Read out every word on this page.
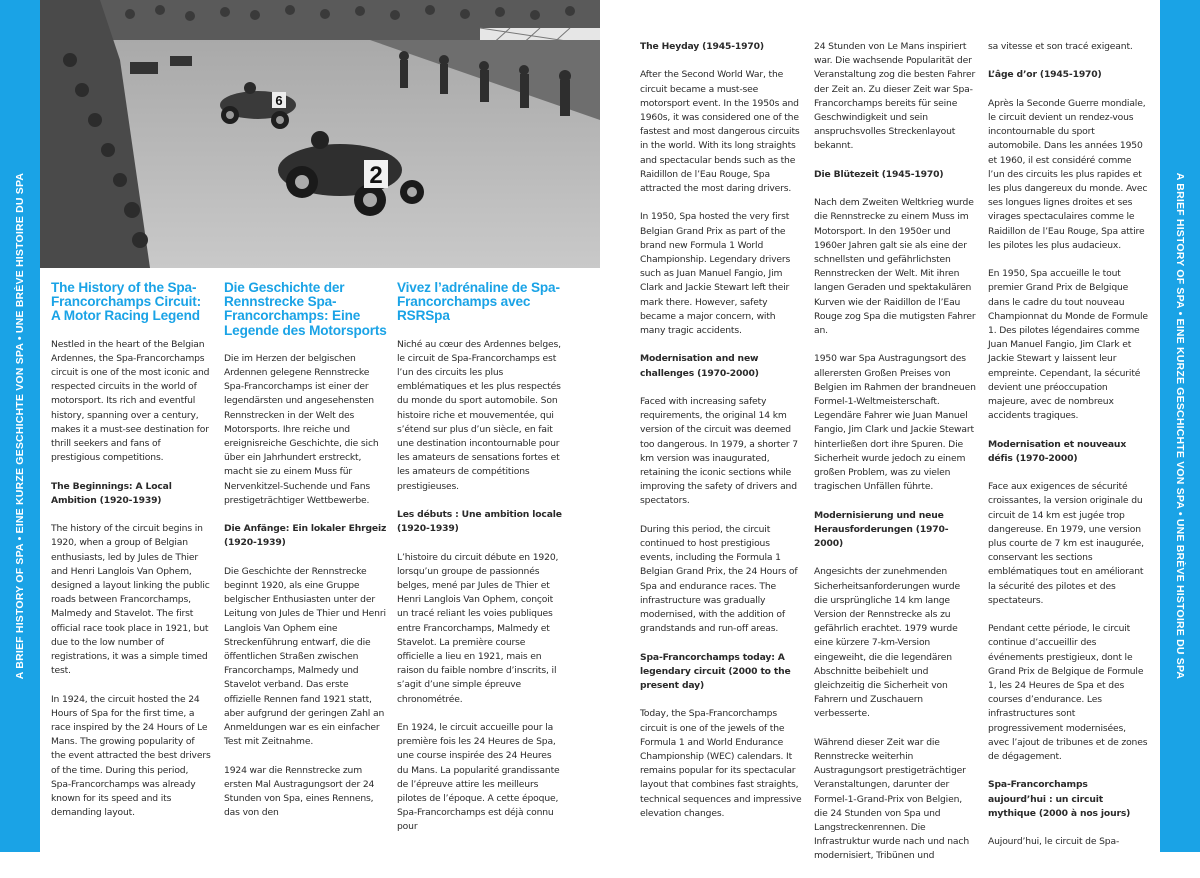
A BRIEF HISTORY OF SPA • EINE KURZE GESCHICHTE VON SPA • UNE BRÈVE HISTOIRE DU SPA	A BRIEF HISTORY OF SPA • EINE KURZE GESCHICHTE VON SPA • UNE BRÈVE HISTOIRE DU SPA
6
2
The History of the Spa-Francorchamps Circuit: A Motor Racing Legend

Nestled in the heart of the Belgian Ardennes, the Spa-Francorchamps circuit is one of the most iconic and respected circuits in the world of motorsport. Its rich and eventful history, spanning over a century, makes it a must-see destination for thrill seekers and fans of prestigious competitions.

The Beginnings: A Local Ambition (1920-1939)

The history of the circuit begins in 1920, when a group of Belgian enthusiasts, led by Jules de Thier and Henri Langlois Van Ophem, designed a layout linking the public roads between Francorchamps, Malmedy and Stavelot. The first official race took place in 1921, but due to the low number of registrations, it was a simple timed test.

In 1924, the circuit hosted the 24 Hours of Spa for the first time, a race inspired by the 24 Hours of Le Mans. The growing popularity of the event attracted the best drivers of the time. During this period, Spa-Francorchamps was already known for its speed and its demanding layout.

Die Geschichte der Rennstrecke Spa-Francorchamps: Eine Legende des Motorsports

Die im Herzen der belgischen Ardennen gelegene Rennstrecke Spa-Francorchamps ist einer der legendärsten und angesehensten Rennstrecken in der Welt des Motorsports. Ihre reiche und ereignisreiche Geschichte, die sich über ein Jahrhundert erstreckt, macht sie zu einem Muss für Nervenkitzel-Suchende und Fans prestigeträchtiger Wettbewerbe.

Die Anfänge: Ein lokaler Ehrgeiz (1920-1939)

Die Geschichte der Rennstrecke beginnt 1920, als eine Gruppe belgischer Enthusiasten unter der Leitung von Jules de Thier und Henri Langlois Van Ophem eine Streckenführung entwarf, die die öffentlichen Straßen zwischen Francorchamps, Malmedy und Stavelot verband. Das erste offizielle Rennen fand 1921 statt, aber aufgrund der geringen Zahl an Anmeldungen war es ein einfacher Test mit Zeitnahme.

1924 war die Rennstrecke zum ersten Mal Austragungsort der 24 Stunden von Spa, eines Rennens, das von den

Vivez l’adrénaline de Spa-Francorchamps avec RSRSpa

Niché au cœur des Ardennes belges, le circuit de Spa-Francorchamps est l’un des circuits les plus emblématiques et les plus respectés du monde du sport automobile. Son histoire riche et mouvementée, qui s’étend sur plus d’un siècle, en fait une destination incontournable pour les amateurs de sensations fortes et les amateurs de compétitions prestigieuses.

Les débuts : Une ambition locale (1920-1939)

L’histoire du circuit débute en 1920, lorsqu’un groupe de passionnés belges, mené par Jules de Thier et Henri Langlois Van Ophem, conçoit un tracé reliant les voies publiques entre Francorchamps, Malmedy et Stavelot. La première course officielle a lieu en 1921, mais en raison du faible nombre d’inscrits, il s’agit d’une simple épreuve chronométrée.

En 1924, le circuit accueille pour la première fois les 24 Heures de Spa, une course inspirée des 24 Heures du Mans. La popularité grandissante de l’épreuve attire les meilleurs pilotes de l’époque. A cette époque, Spa-Francorchamps est déjà connu pour

The Heyday (1945-1970)

After the Second World War, the circuit became a must-see motorsport event. In the 1950s and 1960s, it was considered one of the fastest and most dangerous circuits in the world. With its long straights and spectacular bends such as the Raidillon de l’Eau Rouge, Spa attracted the most daring drivers.

In 1950, Spa hosted the very first Belgian Grand Prix as part of the brand new Formula 1 World Championship. Legendary drivers such as Juan Manuel Fangio, Jim Clark and Jackie Stewart left their mark there. However, safety became a major concern, with many tragic accidents.

Modernisation and new challenges (1970-2000)

Faced with increasing safety requirements, the original 14 km version of the circuit was deemed too dangerous. In 1979, a shorter 7 km version was inaugurated, retaining the iconic sections while improving the safety of drivers and spectators.

During this period, the circuit continued to host prestigious events, including the Formula 1 Belgian Grand Prix, the 24 Hours of Spa and endurance races. The infrastructure was gradually modernised, with the addition of grandstands and run-off areas.

Spa-Francorchamps today: A legendary circuit (2000 to the present day)

Today, the Spa-Francorchamps circuit is one of the jewels of the Formula 1 and World Endurance Championship (WEC) calendars. It remains popular for its spectacular layout that combines fast straights, technical sequences and impressive elevation changes.

24 Stunden von Le Mans inspiriert war. Die wachsende Popularität der Veranstaltung zog die besten Fahrer der Zeit an. Zu dieser Zeit war Spa-Francorchamps bereits für seine Geschwindigkeit und sein anspruchsvolles Streckenlayout bekannt.

Die Blütezeit (1945-1970)

Nach dem Zweiten Weltkrieg wurde die Rennstrecke zu einem Muss im Motorsport. In den 1950er und 1960er Jahren galt sie als eine der schnellsten und gefährlichsten Rennstrecken der Welt. Mit ihren langen Geraden und spektakulären Kurven wie der Raidillon de l’Eau Rouge zog Spa die mutigsten Fahrer an.

1950 war Spa Austragungsort des allerersten Großen Preises von Belgien im Rahmen der brandneuen Formel-1-Weltmeisterschaft. Legendäre Fahrer wie Juan Manuel Fangio, Jim Clark und Jackie Stewart hinterließen dort ihre Spuren. Die Sicherheit wurde jedoch zu einem großen Problem, was zu vielen tragischen Unfällen führte.

Modernisierung und neue Herausforderungen (1970-2000)

Angesichts der zunehmenden Sicherheitsanforderungen wurde die ursprüngliche 14 km lange Version der Rennstrecke als zu gefährlich erachtet. 1979 wurde eine kürzere 7-km-Version eingeweiht, die die legendären Abschnitte beibehielt und gleichzeitig die Sicherheit von Fahrern und Zuschauern verbesserte.

Während dieser Zeit war die Rennstrecke weiterhin Austragungsort prestigeträchtiger Veranstaltungen, darunter der Formel-1-Grand-Prix von Belgien, die 24 Stunden von Spa und Langstreckenrennen. Die Infrastruktur wurde nach und nach modernisiert, Tribünen und

sa vitesse et son tracé exigeant.

L’âge d’or (1945-1970)

Après la Seconde Guerre mondiale, le circuit devient un rendez-vous incontournable du sport automobile. Dans les années 1950 et 1960, il est considéré comme l’un des circuits les plus rapides et les plus dangereux du monde. Avec ses longues lignes droites et ses virages spectaculaires comme le Raidillon de l’Eau Rouge, Spa attire les pilotes les plus audacieux.

En 1950, Spa accueille le tout premier Grand Prix de Belgique dans le cadre du tout nouveau Championnat du Monde de Formule 1. Des pilotes légendaires comme Juan Manuel Fangio, Jim Clark et Jackie Stewart y laissent leur empreinte. Cependant, la sécurité devient une préoccupation majeure, avec de nombreux accidents tragiques.

Modernisation et nouveaux défis (1970-2000)

Face aux exigences de sécurité croissantes, la version originale du circuit de 14 km est jugée trop dangereuse. En 1979, une version plus courte de 7 km est inaugurée, conservant les sections emblématiques tout en améliorant la sécurité des pilotes et des spectateurs.

Pendant cette période, le circuit continue d’accueillir des événements prestigieux, dont le Grand Prix de Belgique de Formule 1, les 24 Heures de Spa et des courses d’endurance. Les infrastructures sont progressivement modernisées, avec l’ajout de tribunes et de zones de dégagement.

Spa-Francorchamps aujourd’hui : un circuit mythique (2000 à nos jours)

Aujourd’hui, le circuit de Spa-
